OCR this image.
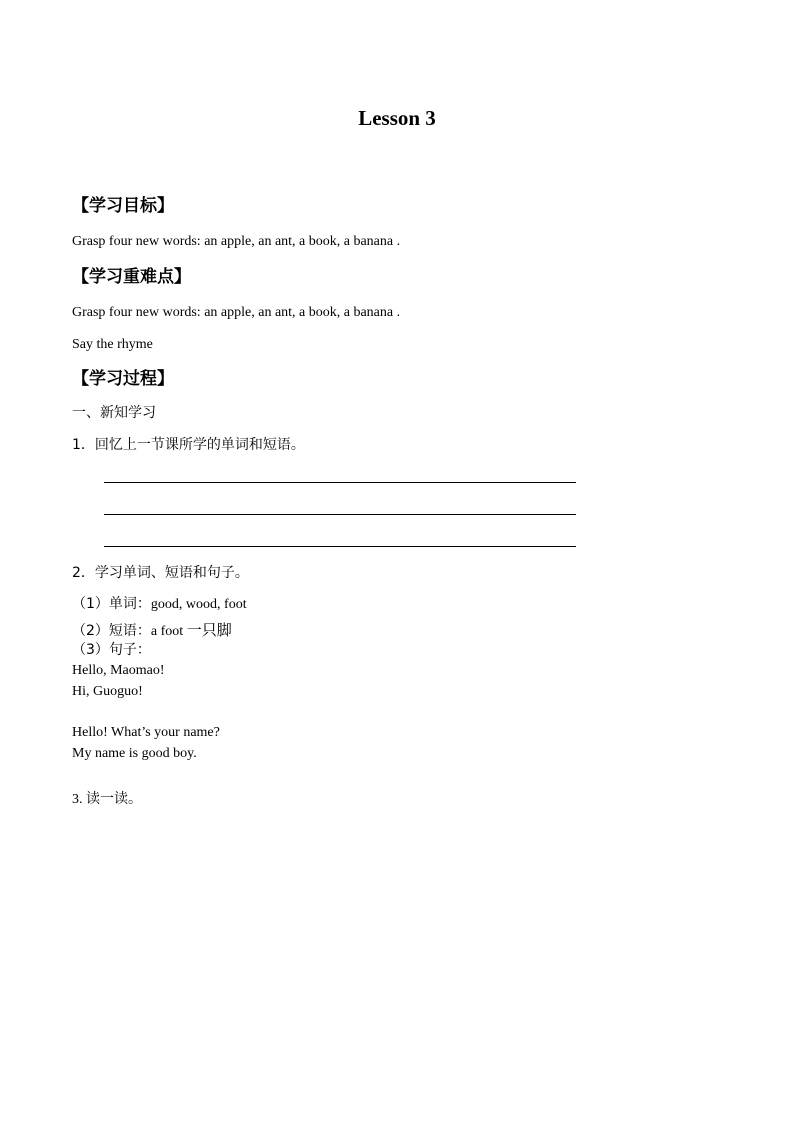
Lesson 3
【学习目标】
Grasp four new words: an apple, an ant, a book, a banana .
【学习重难点】
Grasp four new words: an apple, an ant, a book, a banana .
Say the rhyme
【学习过程】
一、新知学习
1．回忆上一节课所学的单词和短语。
2．学习单词、短语和句子。
（1）单词：good, wood, foot
（2）短语：a foot 一只脚
（3）句子：
Hello, Maomao!
Hi, Guoguo!
Hello! What’s your name?
My name is good boy.
3. 读一读。
